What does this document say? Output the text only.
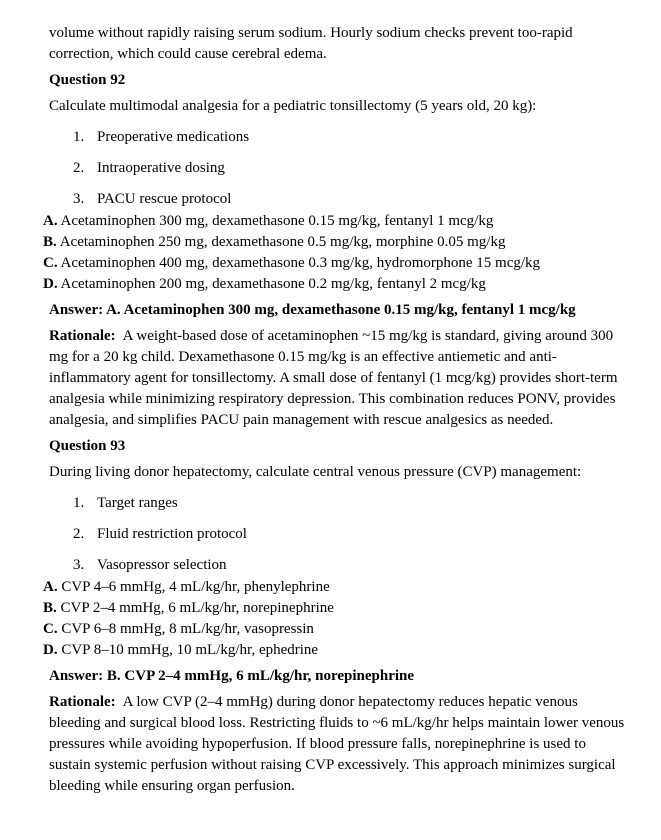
volume without rapidly raising serum sodium. Hourly sodium checks prevent too-rapid correction, which could cause cerebral edema.

Question 92

Calculate multimodal analgesia for a pediatric tonsillectomy (5 years old, 20 kg):

Preoperative medications
Intraoperative dosing
PACU rescue protocol
A. Acetaminophen 300 mg, dexamethasone 0.15 mg/kg, fentanyl 1 mcg/kg
B. Acetaminophen 250 mg, dexamethasone 0.5 mg/kg, morphine 0.05 mg/kg
C. Acetaminophen 400 mg, dexamethasone 0.3 mg/kg, hydromorphone 15 mcg/kg
D. Acetaminophen 200 mg, dexamethasone 0.2 mg/kg, fentanyl 2 mcg/kg

Answer: A. Acetaminophen 300 mg, dexamethasone 0.15 mg/kg, fentanyl 1 mcg/kg

Rationale: A weight-based dose of acetaminophen ~15 mg/kg is standard, giving around 300 mg for a 20 kg child. Dexamethasone 0.15 mg/kg is an effective antiemetic and anti-inflammatory agent for tonsillectomy. A small dose of fentanyl (1 mcg/kg) provides short-term analgesia while minimizing respiratory depression. This combination reduces PONV, provides analgesia, and simplifies PACU pain management with rescue analgesics as needed.

Question 93

During living donor hepatectomy, calculate central venous pressure (CVP) management:

Target ranges
Fluid restriction protocol
Vasopressor selection
A. CVP 4–6 mmHg, 4 mL/kg/hr, phenylephrine
B. CVP 2–4 mmHg, 6 mL/kg/hr, norepinephrine
C. CVP 6–8 mmHg, 8 mL/kg/hr, vasopressin
D. CVP 8–10 mmHg, 10 mL/kg/hr, ephedrine

Answer: B. CVP 2–4 mmHg, 6 mL/kg/hr, norepinephrine

Rationale: A low CVP (2–4 mmHg) during donor hepatectomy reduces hepatic venous bleeding and surgical blood loss. Restricting fluids to ~6 mL/kg/hr helps maintain lower venous pressures while avoiding hypoperfusion. If blood pressure falls, norepinephrine is used to sustain systemic perfusion without raising CVP excessively. This approach minimizes surgical bleeding while ensuring organ perfusion.
